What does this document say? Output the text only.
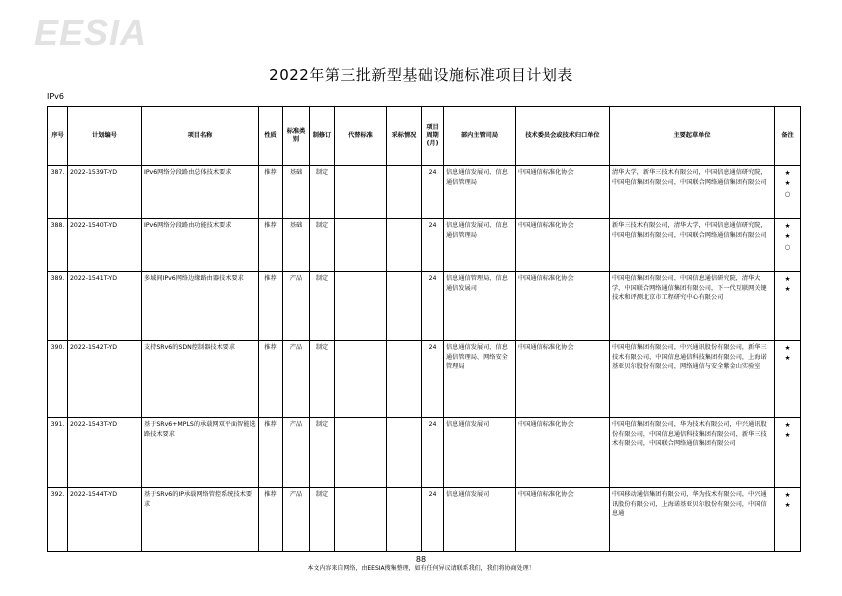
EESIA
2022年第三批新型基础设施标准项目计划表
IPv6
序号	计划编号	项目名称	性质	标准类别	制修订	代替标准	采标情况	项目周期(月)	部内主管司局	技术委员会或技术归口单位	主要起草单位	备注
387.	2022-1539T-YD	IPv6网络分段路由总体技术要求	推荐	基础	制定			24	信息通信发展司、信息通信管理局	中国通信标准化协会	清华大学，新华三技术有限公司，中国信息通信研究院，中国电信集团有限公司，中国联合网络通信集团有限公司	★
★
○

388.	2022-1540T-YD	IPv6网络分段路由功能技术要求	推荐	基础	制定			24	信息通信发展司、信息通信管理局	中国通信标准化协会	新华三技术有限公司，清华大学，中国信息通信研究院，中国电信集团有限公司，中国联合网络通信集团有限公司	★
★
○

389.	2022-1541T-YD	多域间IPv6网络边缘路由器技术要求	推荐	产品	制定			24	信息通信管理局、信息通信发展司	中国通信标准化协会	中国电信集团有限公司，中国信息通信研究院，清华大学，中国联合网络通信集团有限公司，下一代互联网关键技术和评测北京市工程研究中心有限公司	★
★

390.	2022-1542T-YD	支持SRv6的SDN控制器技术要求	推荐	产品	制定			24	信息通信发展司、信息通信管理局、网络安全管理局	中国通信标准化协会	中国电信集团有限公司，中兴通讯股份有限公司，新华三技术有限公司，中国信息通信科技集团有限公司，上海诺基亚贝尔股份有限公司，网络通信与安全紫金山实验室	★
★

391.	2022-1543T-YD	基于SRv6+MPLS的承载网双平面智能选路技术要求	推荐	产品	制定			24	信息通信发展司	中国通信标准化协会	中国电信集团有限公司，华为技术有限公司，中兴通讯股份有限公司，中国信息通信科技集团有限公司，新华三技术有限公司，中国联合网络通信集团有限公司	★
★

392.	2022-1544T-YD	基于SRv6的IP承载网络管控系统技术要求	推荐	产品	制定			24	信息通信发展司	中国通信标准化协会	中国移动通信集团有限公司，华为技术有限公司，中兴通讯股份有限公司，上海诺基亚贝尔股份有限公司，中国信息通	★
★
88
本文内容来自网络，由EESIA搜集整理，如有任何异议请联系我们，我们将协商处理！
